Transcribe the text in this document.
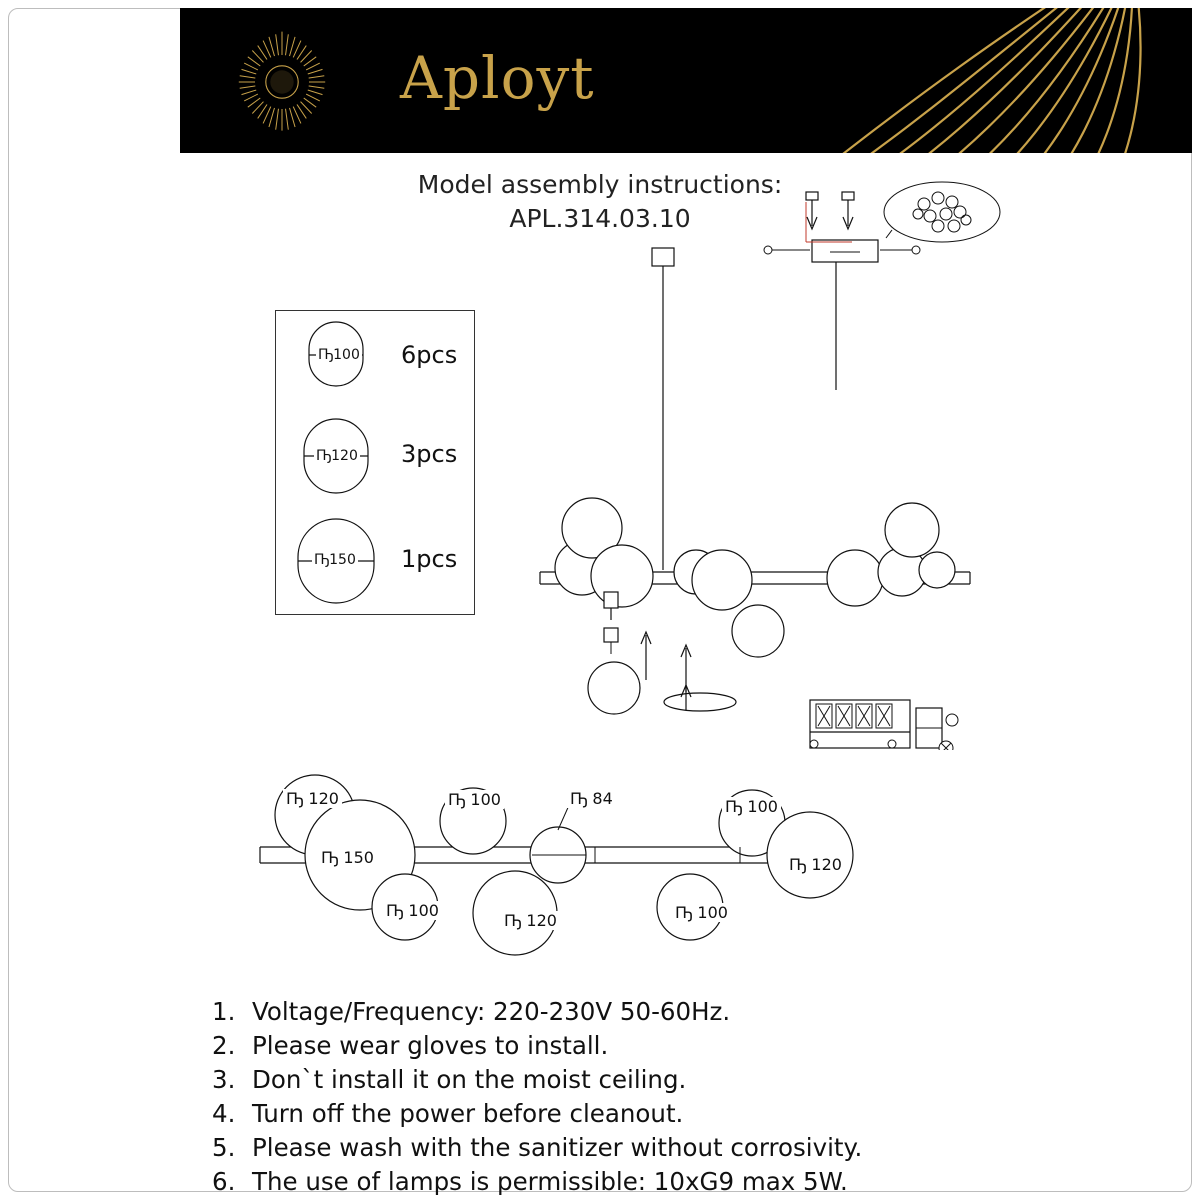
Aployt
Model assembly instructions:
APL.314.03.10
Ҧ100 6pcs
Ҧ120 3pcs
Ҧ150 1pcs
Ҧ 120	Ҧ 100	Ҧ 84	Ҧ 100
Ҧ 150	Ҧ 120
Ҧ 100
Ҧ 120	Ҧ 100
1. Voltage/Frequency: 220-230V 50-60Hz.
2. Please wear gloves to install.
3. Don`t install it on the moist ceiling.
4. Turn off the power before cleanout.
5. Please wash with the sanitizer without corrosivity.
6. The use of lamps is permissible: 10xG9 max 5W.
